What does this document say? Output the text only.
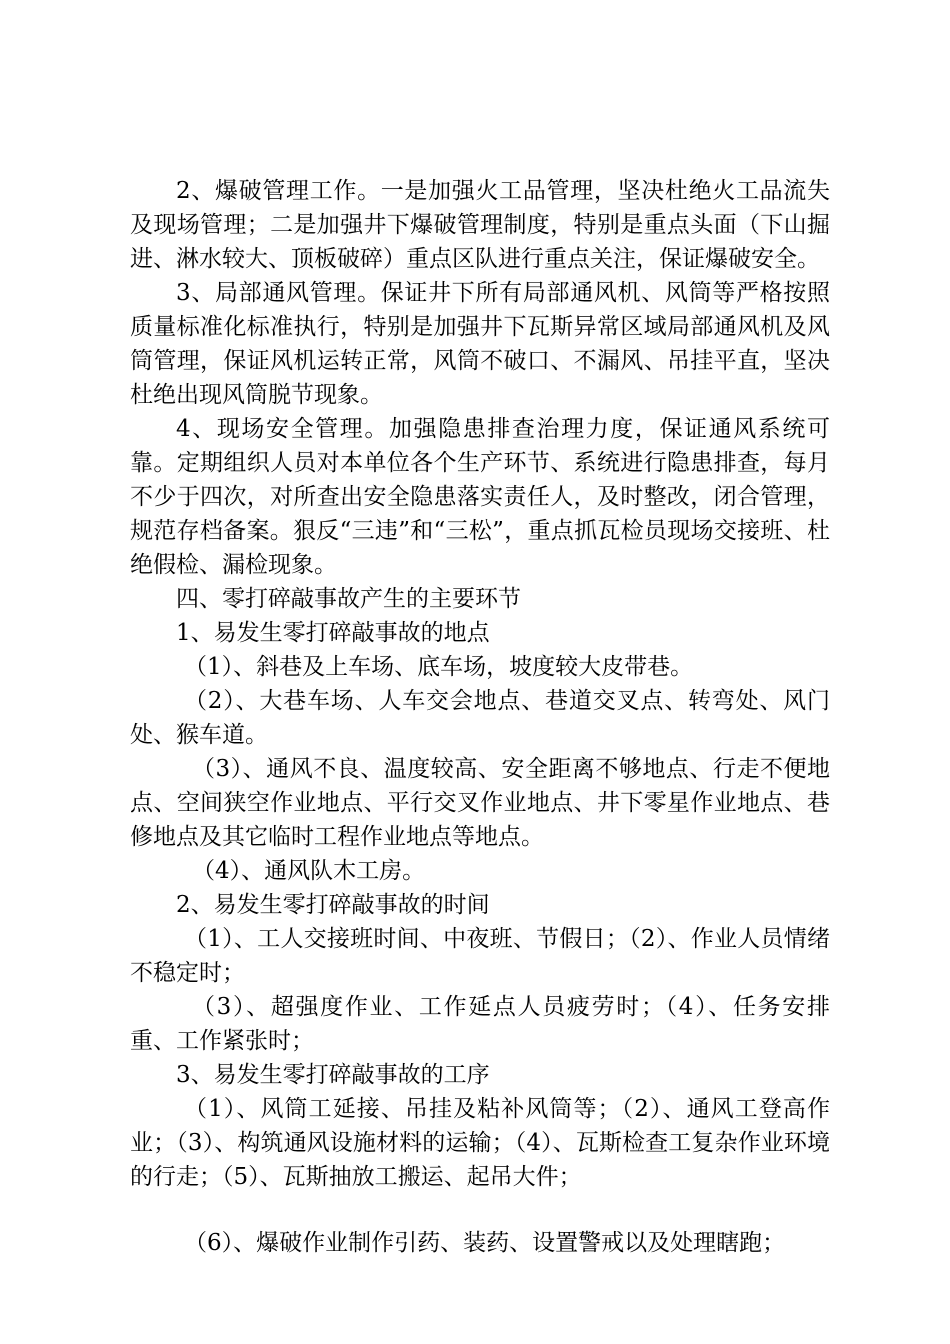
2、爆破管理工作。一是加强火工品管理，坚决杜绝火工品流失及现场管理；二是加强井下爆破管理制度，特别是重点头面（下山掘进、淋水较大、顶板破碎）重点区队进行重点关注，保证爆破安全。

3、局部通风管理。保证井下所有局部通风机、风筒等严格按照质量标准化标准执行，特别是加强井下瓦斯异常区域局部通风机及风筒管理，保证风机运转正常，风筒不破口、不漏风、吊挂平直，坚决杜绝出现风筒脱节现象。

4、现场安全管理。加强隐患排查治理力度，保证通风系统可靠。定期组织人员对本单位各个生产环节、系统进行隐患排查，每月不少于四次，对所查出安全隐患落实责任人，及时整改，闭合管理，规范存档备案。狠反“三违”和“三松”，重点抓瓦检员现场交接班、杜绝假检、漏检现象。

四、零打碎敲事故产生的主要环节

1、易发生零打碎敲事故的地点

（1）、斜巷及上车场、底车场，坡度较大皮带巷。

（2）、大巷车场、人车交会地点、巷道交叉点、转弯处、风门处、猴车道。

（3）、通风不良、温度较高、安全距离不够地点、行走不便地点、空间狭空作业地点、平行交叉作业地点、井下零星作业地点、巷修地点及其它临时工程作业地点等地点。

（4）、通风队木工房。

2、易发生零打碎敲事故的时间

（1）、工人交接班时间、中夜班、节假日；（2）、作业人员情绪不稳定时；

（3）、超强度作业、工作延点人员疲劳时；（4）、任务安排重、工作紧张时；

3、易发生零打碎敲事故的工序

（1）、风筒工延接、吊挂及粘补风筒等；（2）、通风工登高作业；（3）、构筑通风设施材料的运输；（4）、瓦斯检查工复杂作业环境的行走；（5）、瓦斯抽放工搬运、起吊大件；

（6）、爆破作业制作引药、装药、设置警戒以及处理瞎跑；
